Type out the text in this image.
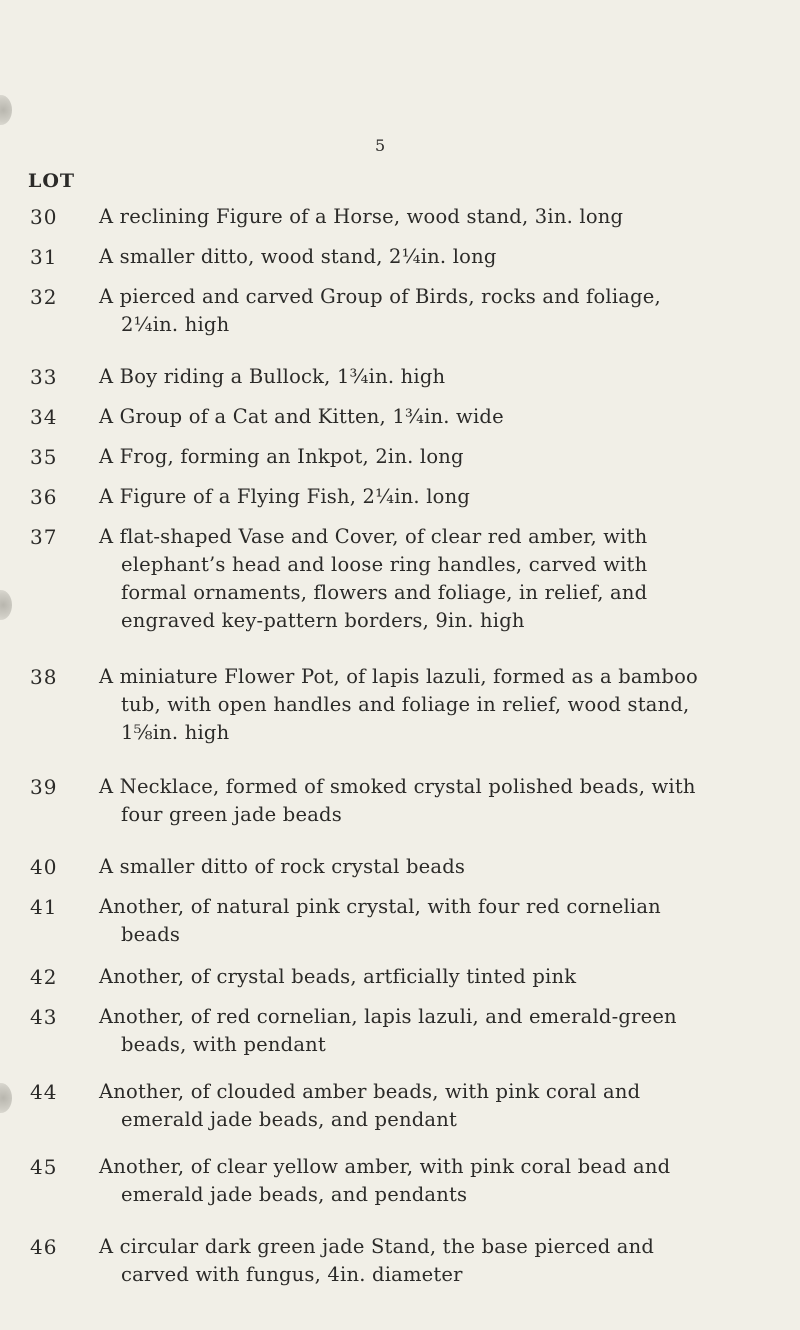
5
LOT
30 A reclining Figure of a Horse, wood stand, 3in. long
31 A smaller ditto, wood stand, 2¼in. long
32 A pierced and carved Group of Birds, rocks and foliage,
2¼in. high
33 A Boy riding a Bullock, 1¾in. high
34 A Group of a Cat and Kitten, 1¾in. wide
35 A Frog, forming an Inkpot, 2in. long
36 A Figure of a Flying Fish, 2¼in. long
37 A flat-shaped Vase and Cover, of clear red amber, with
elephant’s head and loose ring handles, carved with
formal ornaments, flowers and foliage, in relief, and
engraved key-pattern borders, 9in. high
38 A miniature Flower Pot, of lapis lazuli, formed as a bamboo
tub, with open handles and foliage in relief, wood stand,
1⅝in. high
39 A Necklace, formed of smoked crystal polished beads, with
four green jade beads
40 A smaller ditto of rock crystal beads
41 Another, of natural pink crystal, with four red cornelian
beads
42 Another, of crystal beads, artficially tinted pink
43 Another, of red cornelian, lapis lazuli, and emerald-green
beads, with pendant
44 Another, of clouded amber beads, with pink coral and
emerald jade beads, and pendant
45 Another, of clear yellow amber, with pink coral bead and
emerald jade beads, and pendants
46 A circular dark green jade Stand, the base pierced and
carved with fungus, 4in. diameter
